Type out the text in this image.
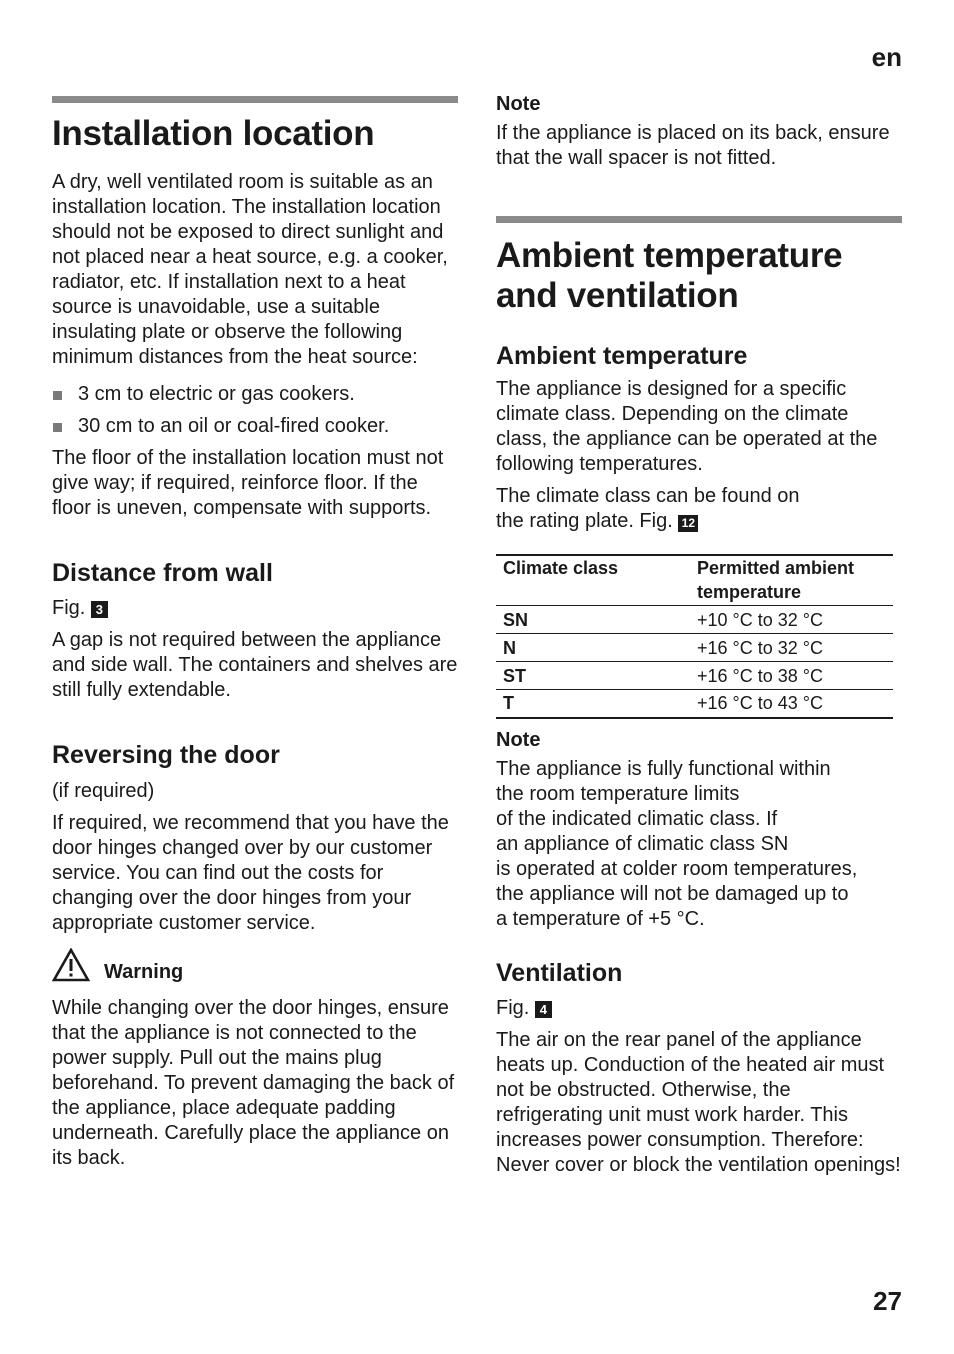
en
Installation location

A dry, well ventilated room is suitable as an installation location. The installation location should not be exposed to direct sunlight and not placed near a heat source, e.g. a cooker, radiator, etc. If installation next to a heat source is unavoidable, use a suitable insulating plate or observe the following minimum distances from the heat source:

3 cm to electric or gas cookers.
30 cm to an oil or coal-fired cooker.

The floor of the installation location must not give way; if required, reinforce floor. If the floor is uneven, compensate with supports.

Distance from wall

Fig. 3

A gap is not required between the appliance and side wall. The containers and shelves are still fully extendable.

Reversing the door

(if required)

If required, we recommend that you have the door hinges changed over by our customer service. You can find out the costs for changing over the door hinges from your appropriate customer service.

Warning

While changing over the door hinges, ensure that the appliance is not connected to the power supply. Pull out the mains plug beforehand. To prevent damaging the back of the appliance, place adequate padding underneath. Carefully place the appliance on its back.

Note

If the appliance is placed on its back, ensure that the wall spacer is not fitted.

Ambient temperature
and ventilation
Ambient temperature

The appliance is designed for a specific climate class. Depending on the climate class, the appliance can be operated at the following temperatures.

The climate class can be found on
the rating plate. Fig. 12

Climate class	Permitted ambient
temperature
SN	+10 °C to 32 °C
N	+16 °C to 32 °C
ST	+16 °C to 38 °C
T	+16 °C to 43 °C

Note

The appliance is fully functional within
the room temperature limits
of the indicated climatic class. If
an appliance of climatic class SN
is operated at colder room temperatures,
the appliance will not be damaged up to
a temperature of +5 °C.

Ventilation

Fig. 4

The air on the rear panel of the appliance heats up. Conduction of the heated air must not be obstructed. Otherwise, the refrigerating unit must work harder. This increases power consumption. Therefore: Never cover or block the ventilation openings!

27
